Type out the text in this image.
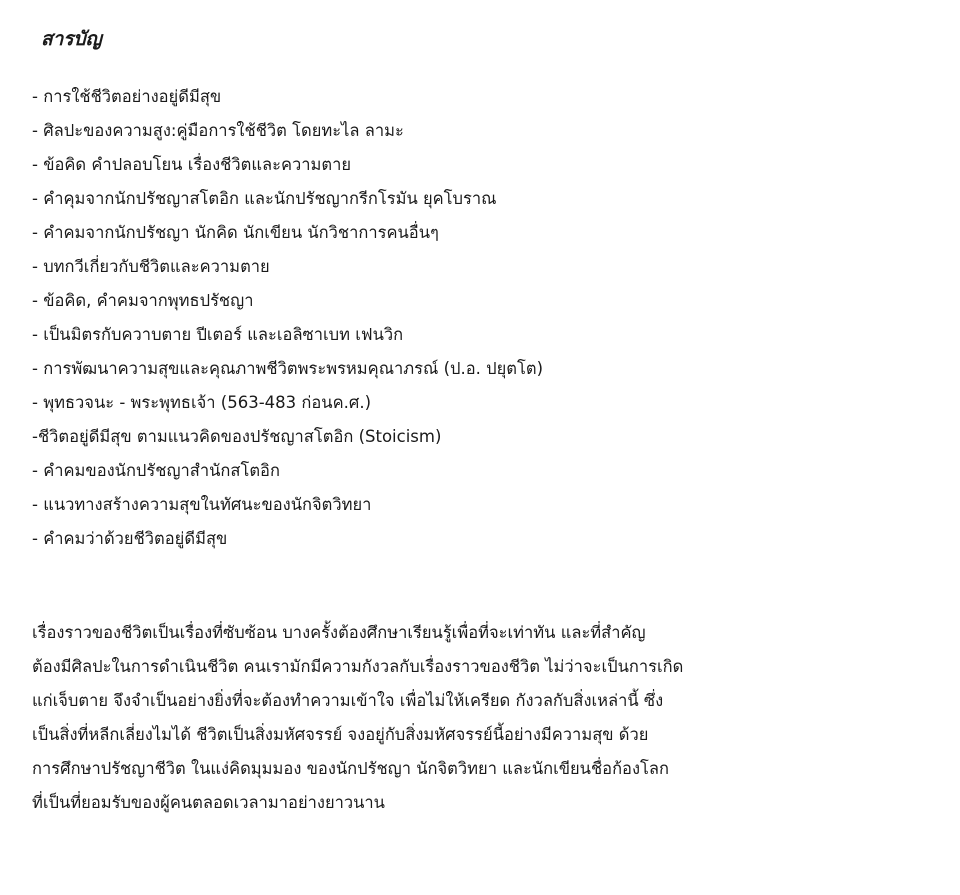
สารบัญ
- การใช้ชีวิตอย่างอยู่ดีมีสุข
- ศิลปะของความสูง:คู่มือการใช้ชีวิต โดยทะไล ลามะ
- ข้อคิด คำปลอบโยน เรื่องชีวิตและความตาย
- คำคุมจากนักปรัชญาสโตอิก และนักปรัชญากรีกโรมัน ยุคโบราณ
- คำคมจากนักปรัชญา นักคิด นักเขียน นักวิชาการคนอื่นๆ
- บทกวีเกี่ยวกับชีวิตและความตาย
- ข้อคิด, คำคมจากพุทธปรัชญา
- เป็นมิตรกับควาบตาย ปีเตอร์ และเอลิซาเบท เฟนวิก
- การพัฒนาความสุขและคุณภาพชีวิตพระพรหมคุณาภรณ์ (ป.อ. ปยุตโต)
- พุทธวจนะ - พระพุทธเจ้า (563-483 ก่อนค.ศ.)
-ชีวิตอยู่ดีมีสุข ตามแนวคิดของปรัชญาสโตอิก (Stoicism)
- คำคมของนักปรัชญาสำนักสโตอิก
- แนวทางสร้างความสุขในทัศนะของนักจิตวิทยา
- คำคมว่าด้วยชีวิตอยู่ดีมีสุข

เรื่องราวของชีวิตเป็นเรื่องที่ซับซ้อน บางครั้งต้องศึกษาเรียนรู้เพื่อที่จะเท่าทัน และที่สำคัญ
ต้องมีศิลปะในการดำเนินชีวิต คนเรามักมีความกังวลกับเรื่องราวของชีวิต ไม่ว่าจะเป็นการเกิด
แก่เจ็บตาย จึงจำเป็นอย่างยิ่งที่จะต้องทำความเข้าใจ เพื่อไม่ให้เครียด กังวลกับสิ่งเหล่านี้ ซึ่ง
เป็นสิ่งที่หลีกเลี่ยงไมได้ ชีวิตเป็นสิ่งมหัศจรรย์ จงอยู่กับสิ่งมหัศจรรย์นี้อย่างมีความสุข ด้วย
การศึกษาปรัชญาชีวิต ในแง่คิดมุมมอง ของนักปรัชญา นักจิตวิทยา และนักเขียนชื่อก้องโลก
ที่เป็นที่ยอมรับของผู้คนตลอดเวลามาอย่างยาวนาน
